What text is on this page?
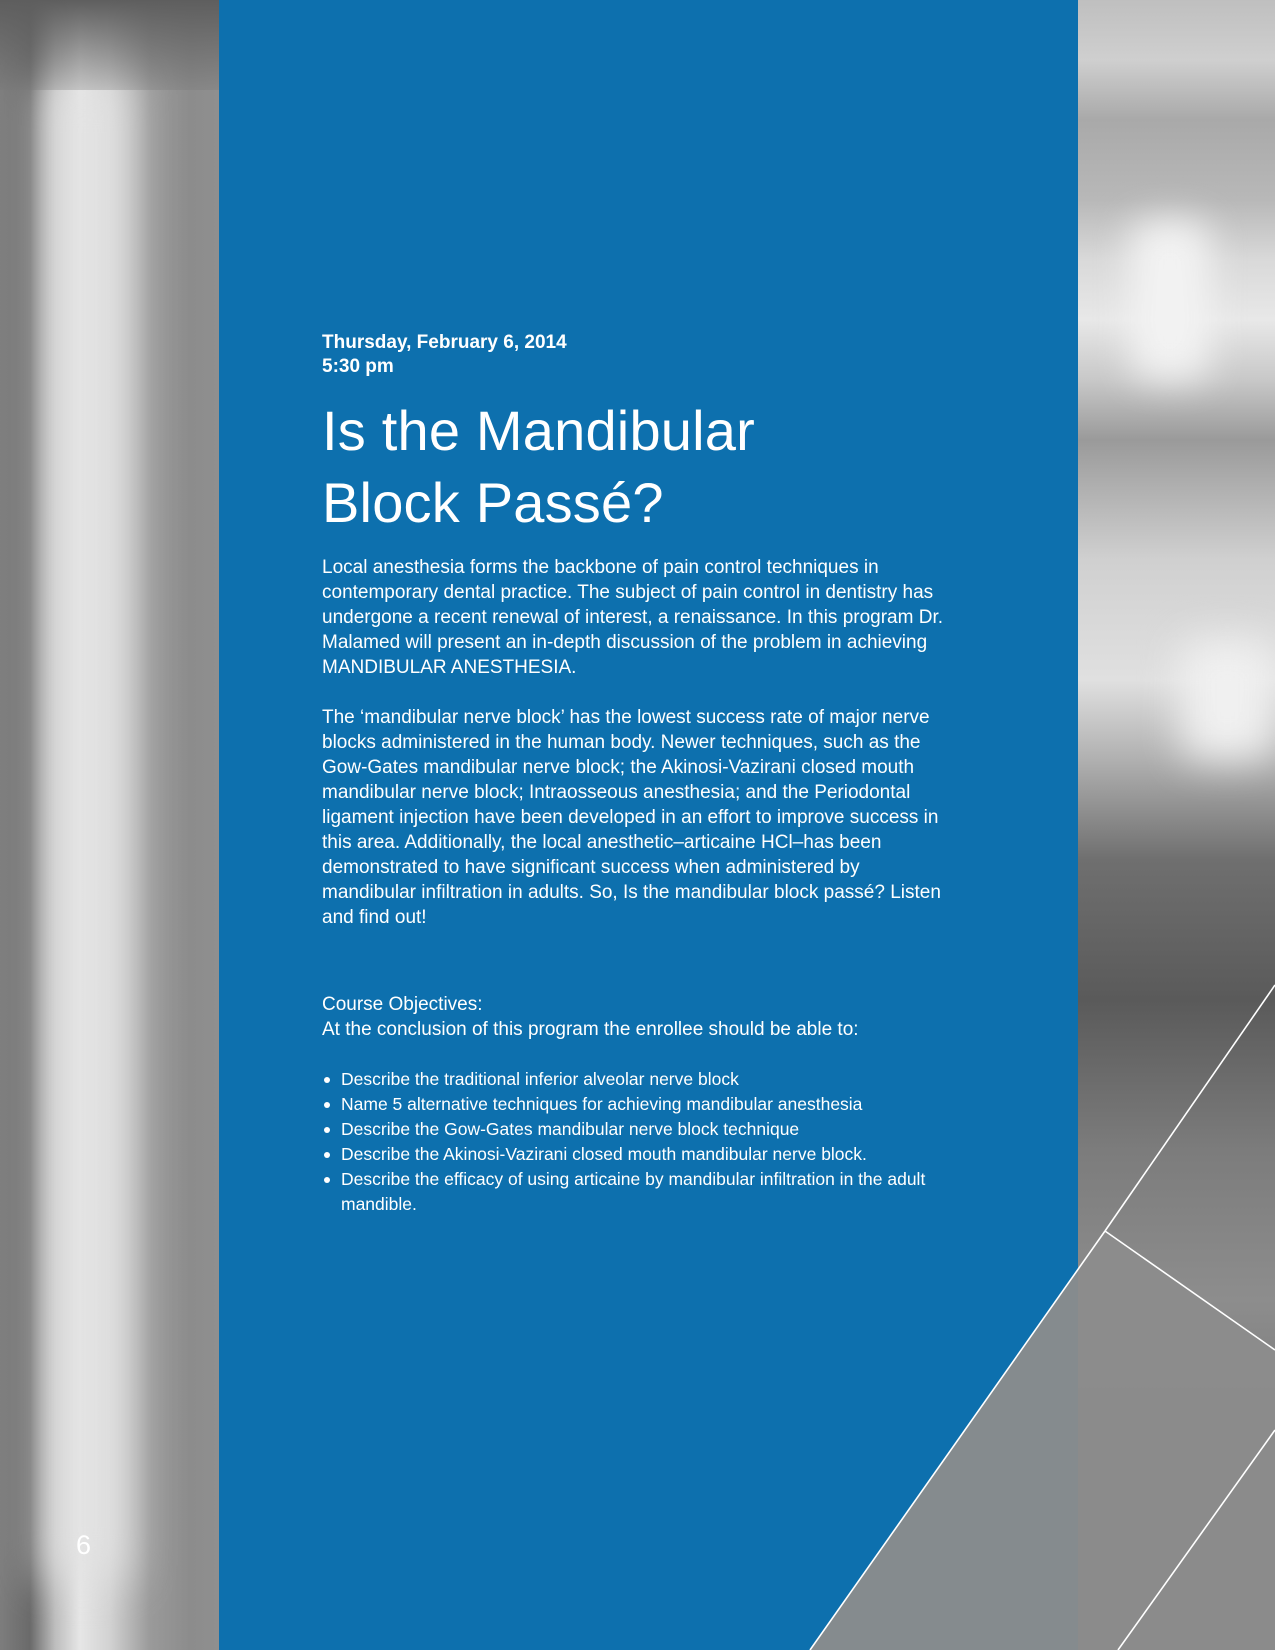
6

Thursday, February 6, 2014

5:30 pm

Is the Mandibular
Block Passé?

Local anesthesia forms the backbone of pain control techniques in contemporary dental practice. The subject of pain control in dentistry has undergone a recent renewal of interest, a renaissance. In this program Dr. Malamed will present an in-depth discussion of the problem in achieving MANDIBULAR ANESTHESIA.

The ‘mandibular nerve block’ has the lowest success rate of major nerve blocks administered in the human body. Newer techniques, such as the Gow-Gates mandibular nerve block; the Akinosi-Vazirani closed mouth mandibular nerve block; Intraosseous anesthesia; and the Periodontal ligament injection have been developed in an effort to improve success in this area. Additionally, the local anesthetic–articaine HCl–has been demonstrated to have significant success when administered by mandibular infiltration in adults. So, Is the mandibular block passé? Listen and find out!

Course Objectives:
At the conclusion of this program the enrollee should be able to:
Describe the traditional inferior alveolar nerve block
Name 5 alternative techniques for achieving mandibular anesthesia
Describe the Gow-Gates mandibular nerve block technique
Describe the Akinosi-Vazirani closed mouth mandibular nerve block.
Describe the efficacy of using articaine by mandibular infiltration in the adult mandible.
